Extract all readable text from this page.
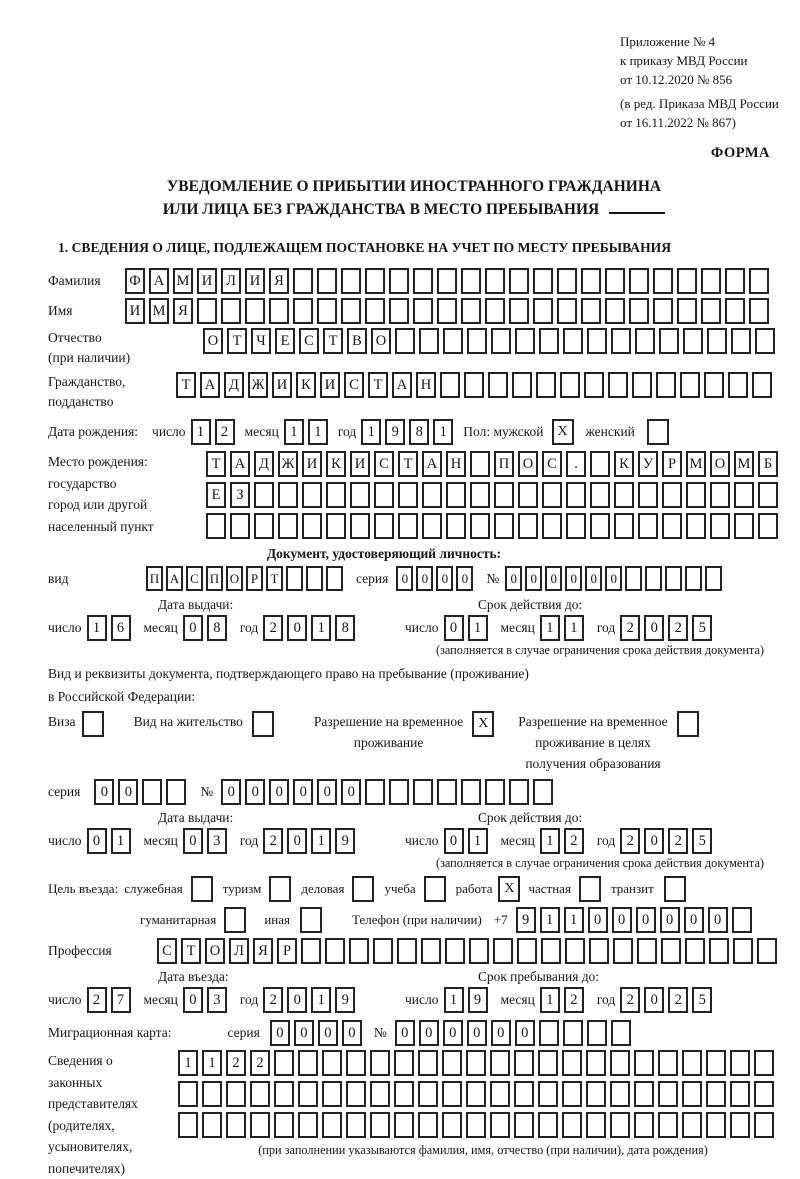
Приложение № 4
к приказу МВД России
от 10.12.2020 № 856
(в ред. Приказа МВД России
от 16.11.2022 № 867)
ФОРМА
УВЕДОМЛЕНИЕ О ПРИБЫТИИ ИНОСТРАННОГО ГРАЖДАНИНА
ИЛИ ЛИЦА БЕЗ ГРАЖДАНСТВА В МЕСТО ПРЕБЫВАНИЯ
1. СВЕДЕНИЯ О ЛИЦЕ, ПОДЛЕЖАЩЕМ ПОСТАНОВКЕ НА УЧЕТ ПО МЕСТУ ПРЕБЫВАНИЯ
Фамилия	Ф А М И Л И Я
Имя	И М Я
Отчество
(при наличии)
О Т	Ч	Е	С	Т	В О
Гражданство,
подданство
Т А Д Ж И К И С	Т А Н
Дата рождения: число 1	2	месяц 1	1	год 1	9	8	1	Пол: мужской X	женский
Место рождения:
государство
город или другой
населенный пункт
Т А Д Ж И К И С	Т А Н	П О С	.	К У	Р М О М Б
Е	З
Документ, удостоверяющий личность:
вид	П А С П О Р Т	серия	0	0	0	0	№ 0	0	0	0	0	0
Дата выдачи:	Срок действия до:
число 1	6	месяц 0	8	год 2	0	1	8	число 0	1	месяц 1	1	год 2	0	2	5
(заполняется в случае ограничения срока действия документа)
Вид и реквизиты документа, подтверждающего право на пребывание (проживание)
в Российской Федерации:
Виза	Вид на жительство	Разрешение на временное
проживание
X	Разрешение на временное
проживание в целях
получения образования
серия	0	0	№ 0	0	0	0	0	0
Дата выдачи:	Срок действия до:
число 0	1	месяц 0	3	год 2	0	1	9	число 0	1	месяц 1	2	год 2	0	2	5
(заполняется в случае ограничения срока действия документа)
Цель въезда: служебная	туризм	деловая	учеба	работа X	частная	транзит
гуманитарная	иная	Телефон (при наличии) +7 9	1	1	0	0	0	0	0	0
Профессия	С	Т О Л Я	Р
Дата въезда:	Срок пребывания до:
число 2	7	месяц 0	3	год 2	0	1	9	число 1	9	месяц 1	2	год 2	0	2	5
Миграционная карта:	серия	0	0	0	0	№ 0	0	0	0	0	0
Сведения о
законных
представителях
(родителях,
усыновителях,
попечителях)
1	1	2	2
(при заполнении указываются фамилия, имя, отчество (при наличии), дата рождения)
